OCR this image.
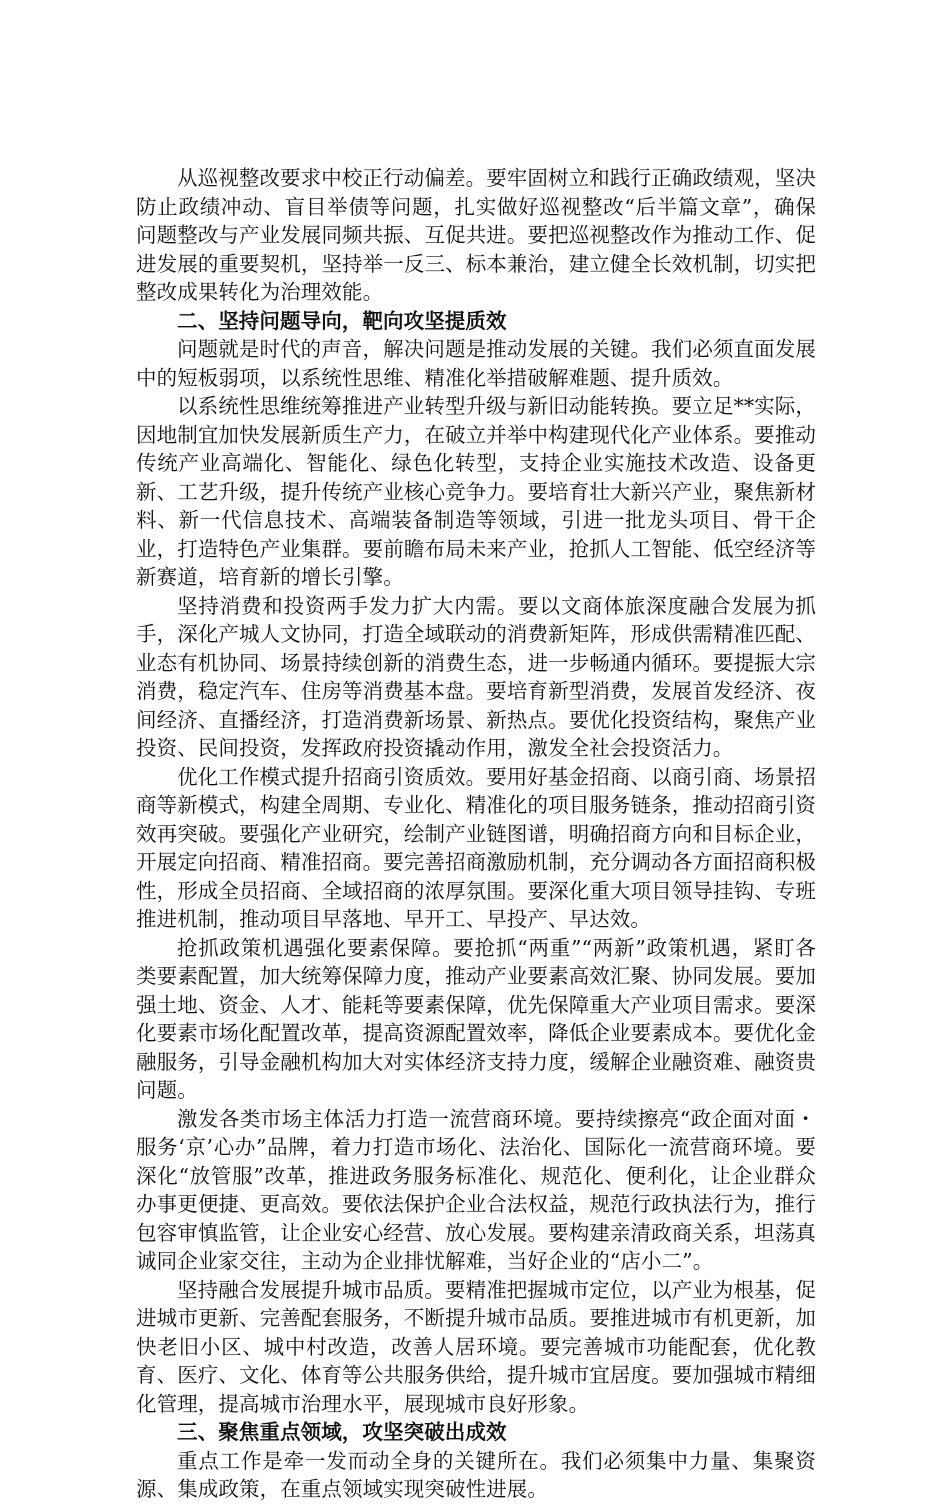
从巡视整改要求中校正行动偏差。要牢固树立和践行正确政绩观，坚决防止政绩冲动、盲目举债等问题，扎实做好巡视整改“后半篇文章”，确保问题整改与产业发展同频共振、互促共进。要把巡视整改作为推动工作、促进发展的重要契机，坚持举一反三、标本兼治，建立健全长效机制，切实把整改成果转化为治理效能。

二、坚持问题导向，靶向攻坚提质效

问题就是时代的声音，解决问题是推动发展的关键。我们必须直面发展中的短板弱项，以系统性思维、精准化举措破解难题、提升质效。

以系统性思维统筹推进产业转型升级与新旧动能转换。要立足**实际，因地制宜加快发展新质生产力，在破立并举中构建现代化产业体系。要推动传统产业高端化、智能化、绿色化转型，支持企业实施技术改造、设备更新、工艺升级，提升传统产业核心竞争力。要培育壮大新兴产业，聚焦新材料、新一代信息技术、高端装备制造等领域，引进一批龙头项目、骨干企业，打造特色产业集群。要前瞻布局未来产业，抢抓人工智能、低空经济等新赛道，培育新的增长引擎。

坚持消费和投资两手发力扩大内需。要以文商体旅深度融合发展为抓手，深化产城人文协同，打造全域联动的消费新矩阵，形成供需精准匹配、业态有机协同、场景持续创新的消费生态，进一步畅通内循环。要提振大宗消费，稳定汽车、住房等消费基本盘。要培育新型消费，发展首发经济、夜间经济、直播经济，打造消费新场景、新热点。要优化投资结构，聚焦产业投资、民间投资，发挥政府投资撬动作用，激发全社会投资活力。

优化工作模式提升招商引资质效。要用好基金招商、以商引商、场景招商等新模式，构建全周期、专业化、精准化的项目服务链条，推动招商引资效再突破。要强化产业研究，绘制产业链图谱，明确招商方向和目标企业，开展定向招商、精准招商。要完善招商激励机制，充分调动各方面招商积极性，形成全员招商、全域招商的浓厚氛围。要深化重大项目领导挂钩、专班推进机制，推动项目早落地、早开工、早投产、早达效。

抢抓政策机遇强化要素保障。要抢抓“两重”“两新”政策机遇，紧盯各类要素配置，加大统筹保障力度，推动产业要素高效汇聚、协同发展。要加强土地、资金、人才、能耗等要素保障，优先保障重大产业项目需求。要深化要素市场化配置改革，提高资源配置效率，降低企业要素成本。要优化金融服务，引导金融机构加大对实体经济支持力度，缓解企业融资难、融资贵问题。

激发各类市场主体活力打造一流营商环境。要持续擦亮“政企面对面・服务‘京’心办”品牌，着力打造市场化、法治化、国际化一流营商环境。要深化“放管服”改革，推进政务服务标准化、规范化、便利化，让企业群众办事更便捷、更高效。要依法保护企业合法权益，规范行政执法行为，推行包容审慎监管，让企业安心经营、放心发展。要构建亲清政商关系，坦荡真诚同企业家交往，主动为企业排忧解难，当好企业的“店小二”。

坚持融合发展提升城市品质。要精准把握城市定位，以产业为根基，促进城市更新、完善配套服务，不断提升城市品质。要推进城市有机更新，加快老旧小区、城中村改造，改善人居环境。要完善城市功能配套，优化教育、医疗、文化、体育等公共服务供给，提升城市宜居度。要加强城市精细化管理，提高城市治理水平，展现城市良好形象。

三、聚焦重点领域，攻坚突破出成效

重点工作是牵一发而动全身的关键所在。我们必须集中力量、集聚资源、集成政策，在重点领域实现突破性进展。
